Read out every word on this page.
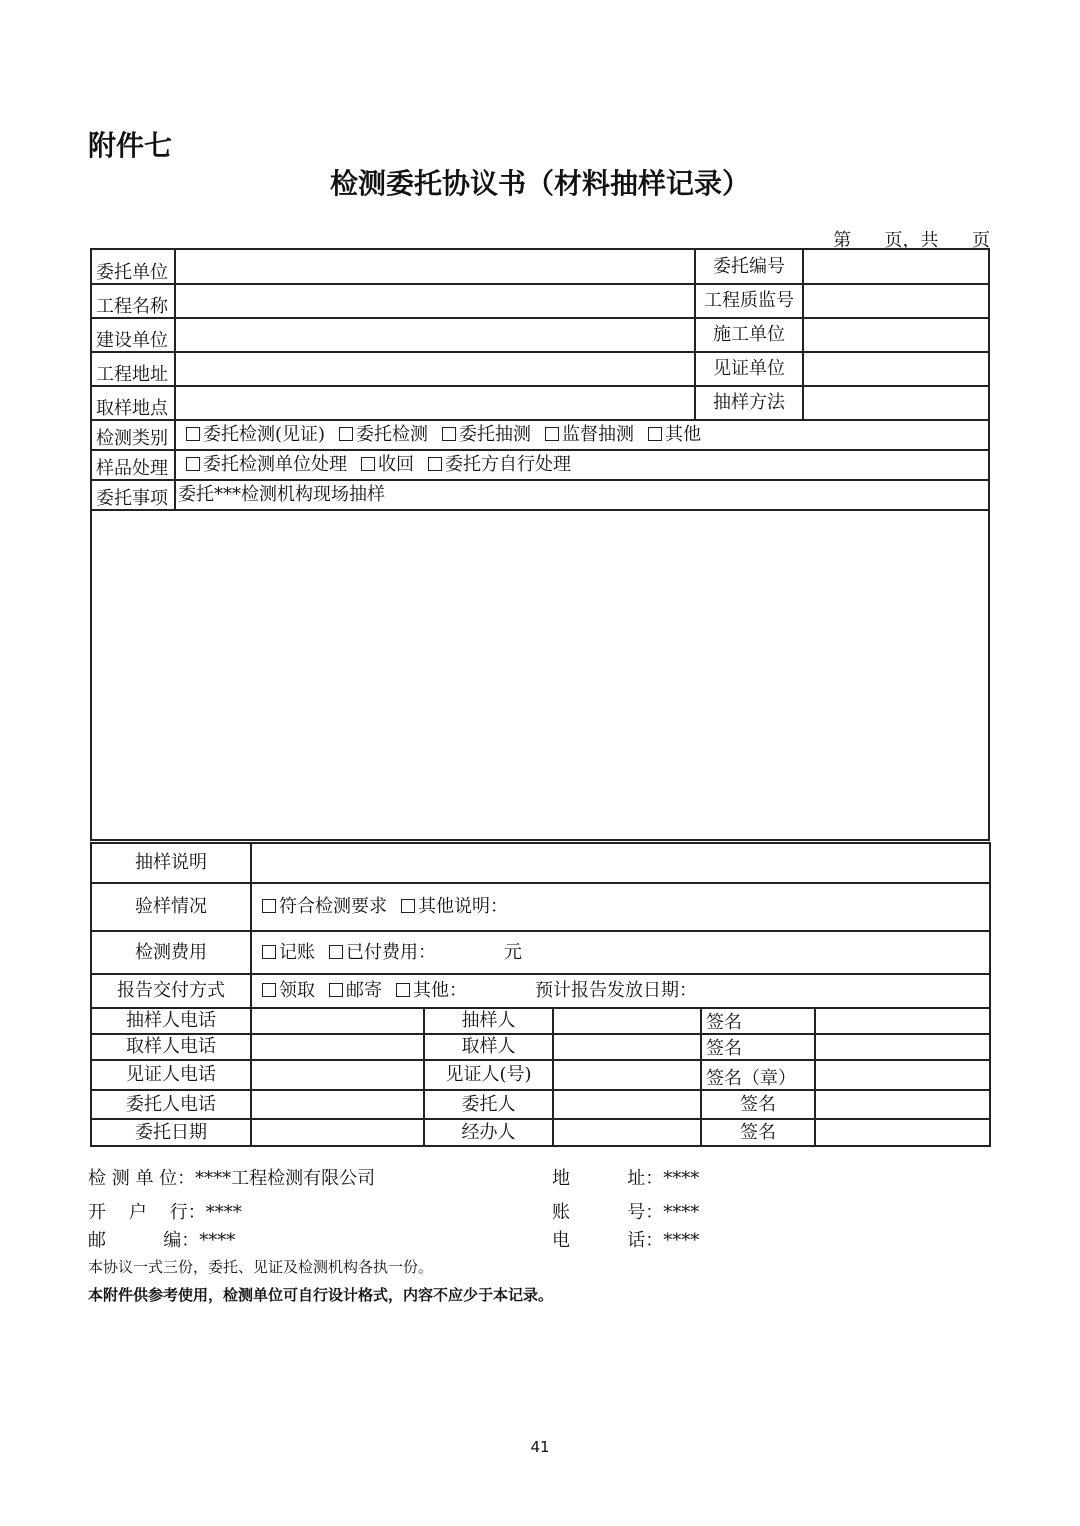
附件七
检测委托协议书（材料抽样记录）
第 页，共 页
委托单位		委托编号	
工程名称		工程质监号	
建设单位		施工单位	
工程地址		见证单位	
取样地点		抽样方法	
检测类别	委托检测(见证) 委托检测 委托抽测 监督抽测 其他		
样品处理	委托检测单位处理 收回 委托方自行处理		
委托事项	委托***检测机构现场抽样		

抽样说明					
验样情况	符合检测要求 其他说明：				
检测费用	记账 已付费用： 元				
报告交付方式	领取 邮寄 其他： 预计报告发放日期：				
抽样人电话		抽样人		签名	
取样人电话		取样人		签名	
见证人电话		见证人(号)		签名（章）	
委托人电话		委托人		签名	
委托日期		经办人		签名	
检 测 单 位：****工程检测有限公司	地          址：****
开    户    行：****	账          号：****
邮          编：****	电          话：****
本协议一式三份，委托、见证及检测机构各执一份。
本附件供参考使用，检测单位可自行设计格式，内容不应少于本记录。
41
